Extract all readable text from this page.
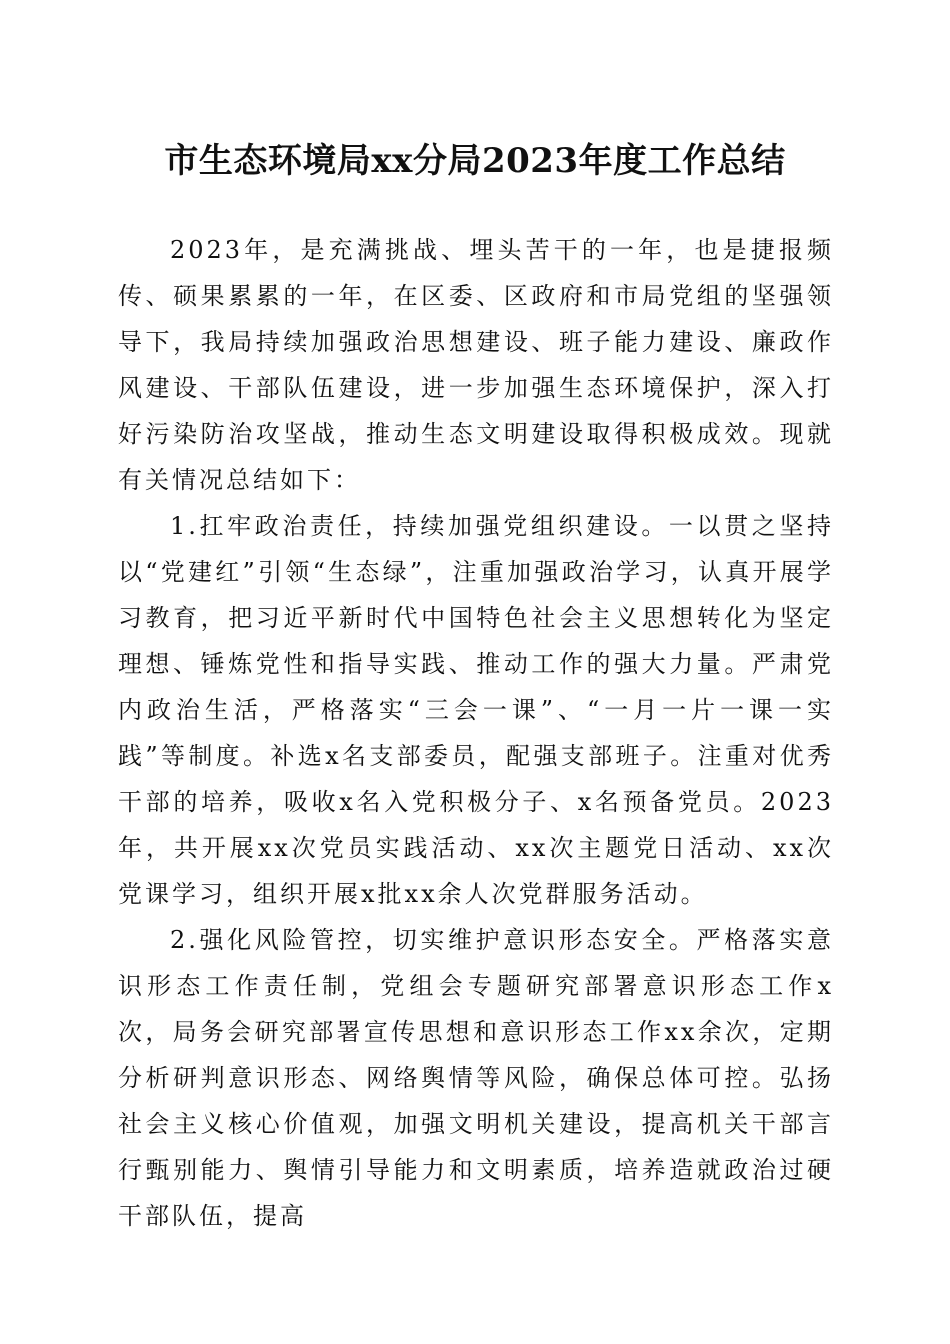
市生态环境局xx分局2023年度工作总结

2023年，是充满挑战、埋头苦干的一年，也是捷报频传、硕果累累的一年，在区委、区政府和市局党组的坚强领导下，我局持续加强政治思想建设、班子能力建设、廉政作风建设、干部队伍建设，进一步加强生态环境保护，深入打好污染防治攻坚战，推动生态文明建设取得积极成效。现就有关情况总结如下：

1.扛牢政治责任，持续加强党组织建设。一以贯之坚持以“党建红”引领“生态绿”，注重加强政治学习，认真开展学习教育，把习近平新时代中国特色社会主义思想转化为坚定理想、锤炼党性和指导实践、推动工作的强大力量。严肃党内政治生活，严格落实“三会一课”、“一月一片一课一实践”等制度。补选x名支部委员，配强支部班子。注重对优秀干部的培养，吸收x名入党积极分子、x名预备党员。2023年，共开展xx次党员实践活动、xx次主题党日活动、xx次党课学习，组织开展x批xx余人次党群服务活动。

2.强化风险管控，切实维护意识形态安全。严格落实意识形态工作责任制，党组会专题研究部署意识形态工作x次，局务会研究部署宣传思想和意识形态工作xx余次，定期分析研判意识形态、网络舆情等风险，确保总体可控。弘扬社会主义核心价值观，加强文明机关建设，提高机关干部言行甄别能力、舆情引导能力和文明素质，培养造就政治过硬干部队伍，提高
